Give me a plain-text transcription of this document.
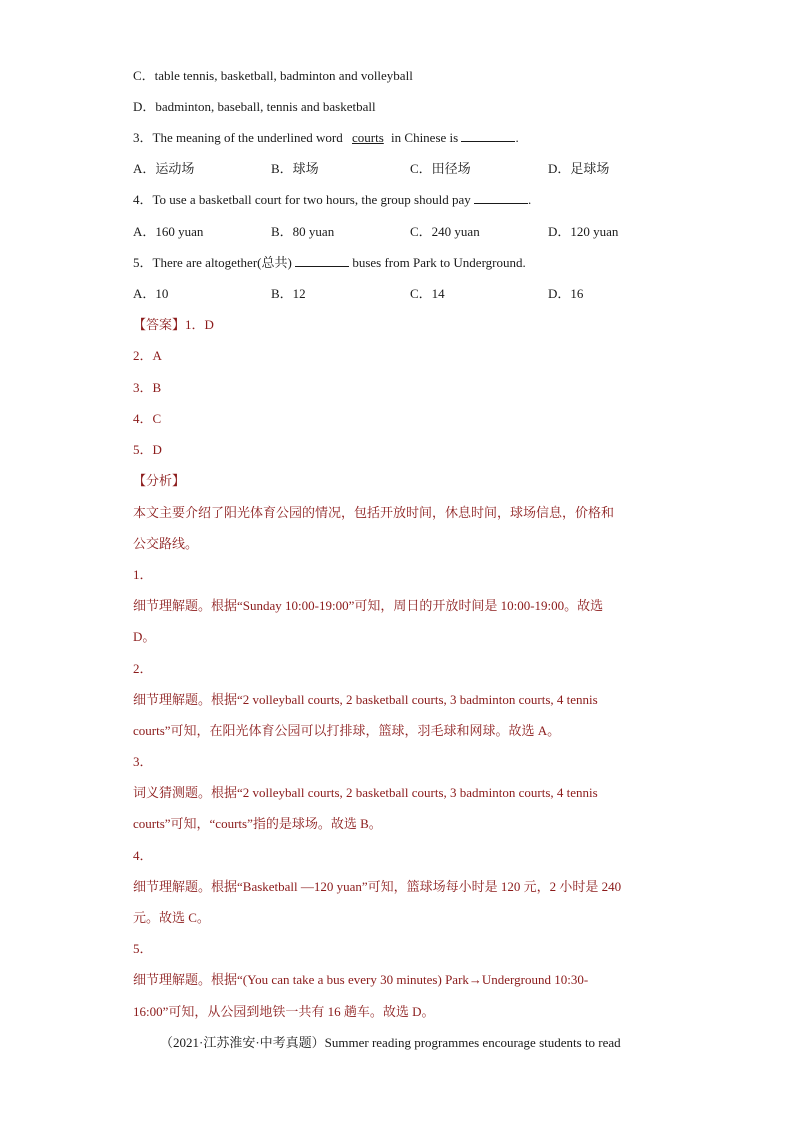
C．table tennis, basketball, badminton and volleyball
D．badminton, baseball, tennis and basketball
3．The meaning of the underlined word courts in Chinese is	.
A．运动场	B．球场	C．田径场	D．足球场
4．To use a basketball court for two hours, the group should pay	.
A．160 yuan	B．80 yuan	C．240 yuan	D．120 yuan
5．There are altogether(总共)	buses from Park to Underground.
A．10	B．12	C．14	D．16
【答案】1．D
2．A
3．B
4．C
5．D
【分析】
本文主要介绍了阳光体育公园的情况，包括开放时间，休息时间，球场信息，价格和
公交路线。
1．
细节理解题。根据“Sunday 10:00-19:00”可知，周日的开放时间是 10:00-19:00。故选
D。
2．
细节理解题。根据“2 volleyball courts, 2 basketball courts, 3 badminton courts, 4 tennis
courts”可知，在阳光体育公园可以打排球，篮球，羽毛球和网球。故选 A。
3．
词义猜测题。根据“2 volleyball courts, 2 basketball courts, 3 badminton courts, 4 tennis
courts”可知，“courts”指的是球场。故选 B。
4．
细节理解题。根据“Basketball —120 yuan”可知，篮球场每小时是 120 元，2 小时是 240
元。故选 C。
5．
细节理解题。根据“(You can take a bus every 30 minutes) Park→Underground 10:30-
16:00”可知，从公园到地铁一共有 16 趟车。故选 D。
（2021·江苏淮安·中考真题）Summer reading programmes encourage students to read
